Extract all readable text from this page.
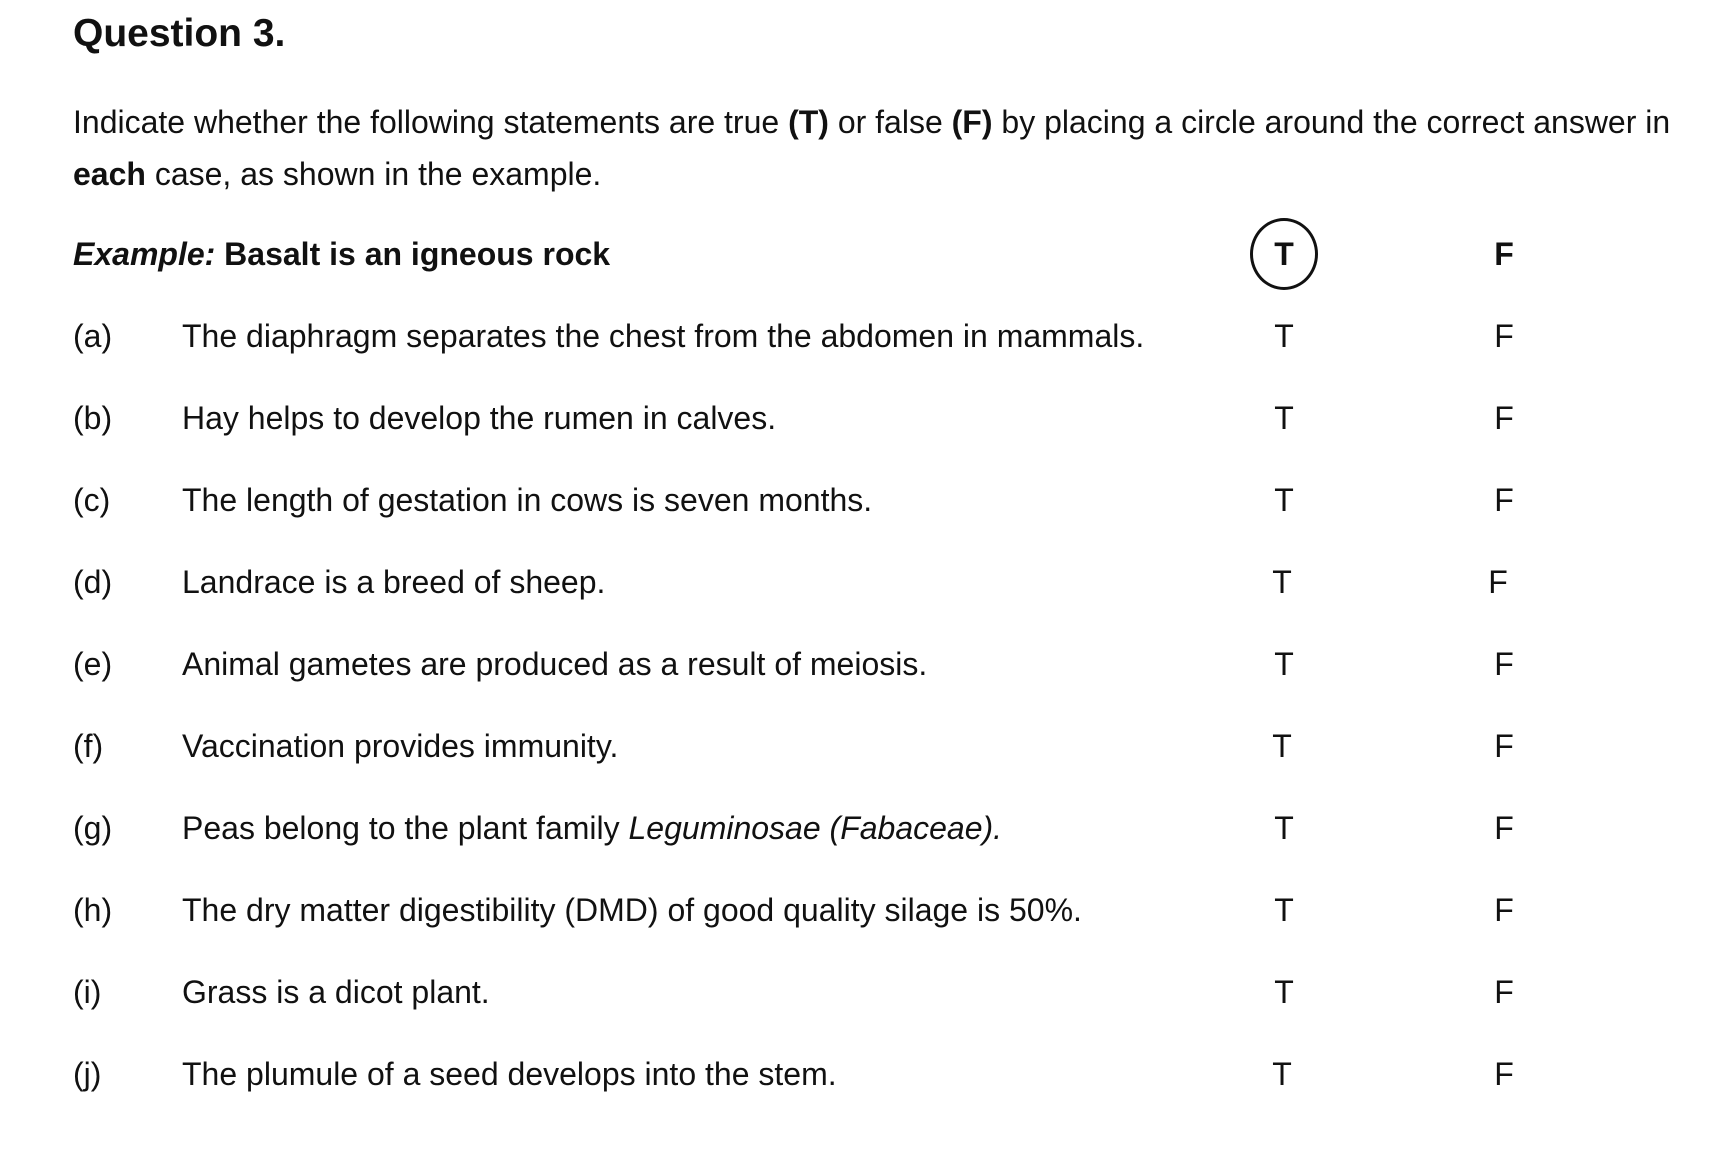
Question 3.

Indicate whether the following statements are true (T) or false (F) by placing a circle around the correct answer in each case, as shown in the example.

Example: Basalt is an igneous rock	T	F
(a) The diaphragm separates the chest from the abdomen in mammals.	T	F
(b) Hay helps to develop the rumen in calves.	T	F
(c) The length of gestation in cows is seven months.	T	F
(d) Landrace is a breed of sheep.	T	F
(e) Animal gametes are produced as a result of meiosis.	T	F
(f) Vaccination provides immunity.	T	F
(g) Peas belong to the plant family Leguminosae (Fabaceae).	T	F
(h) The dry matter digestibility (DMD) of good quality silage is 50%.	T	F
(i)	Grass is a dicot plant.	T	F
(j)	The plumule of a seed develops into the stem.	T	F
